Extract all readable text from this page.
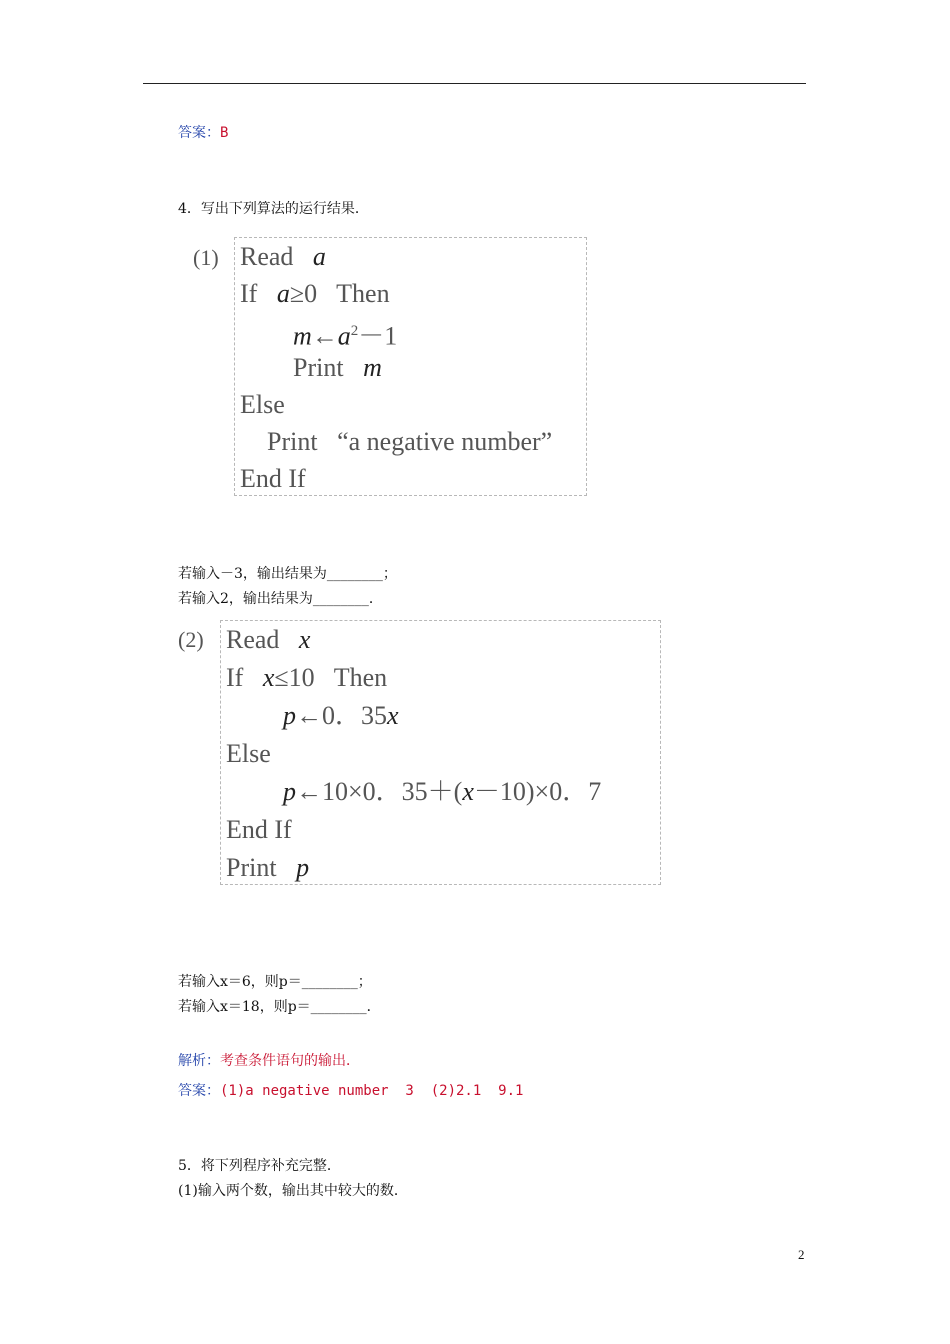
答案：B
4．写出下列算法的运行结果．
(1) Read a
If a≥0 Then
$m\leftarrow a^2-1$
Print m
Else
Print “a negative number”
End If
若输入－3，输出结果为________；
若输入2，输出结果为________．
(2) Read x
If x≤10 Then
p←0．35x
Else
p←10×0．35＋(x－10)×0．7
End If
Print p
若输入x＝6，则p＝________；
若输入x＝18，则p＝________．
解析：考查条件语句的输出．
答案：(1)a negative number  3  (2)2.1  9.1
5．将下列程序补充完整．
(1)输入两个数，输出其中较大的数．
2
